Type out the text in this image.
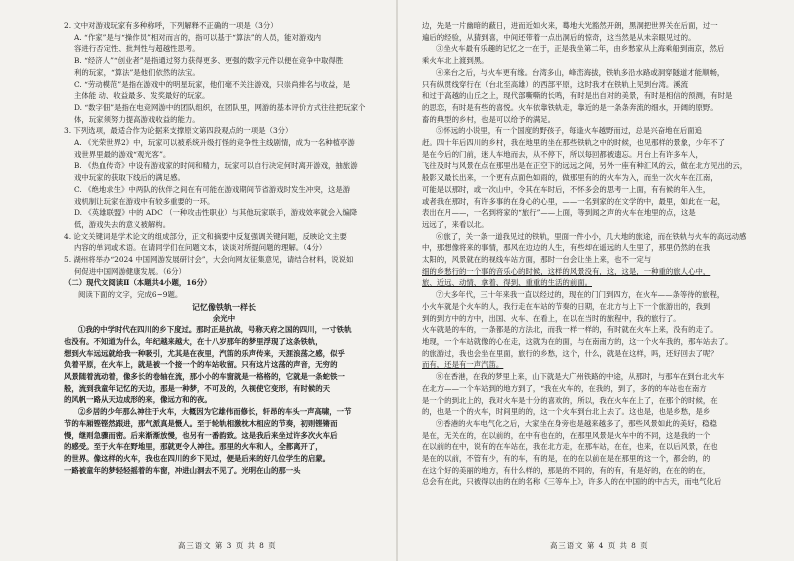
2. 文中对游戏玩家有多种称呼，下列解释不正确的一项是（3分）

A. “作家”是与“操作员”相对而言的，指可以基于“算法”的人员，能对游戏内

容进行否定性、批判性与超越性思考。

B. “经济人”“创业者”是指通过努力获得更多、更强的数字元件以便在竞争中取得胜

利的玩家，“算法”是他们依然的法宝。

C. “劳动模范”是指在游戏中的明星玩家，他们毫不关注游戏，只崇尚排名与收益，是

主体能 动、收益最多、发奖最好的玩家。

D. “数字佃”是指在电竞网游中的团队组织，在团队里，网游的基本评价方式往往把玩家个

体，玩家须努力提高游戏收益的能力。

3. 下列选项，最适合作为论据来支撑原文第四段观点的一项是（3分）

A. 《光荣世界2》中，玩家可以被系统升级打怪的竞争性主线剧情，成为一名种植亭游

戏世界里最的游戏“观光客”。

B. 《热血传奇》中设有游戏家的时间和精力，玩家可以自行决定何时离开游戏，抽旅游

戏中玩家的获取下线后的满足感。

C. 《绝地求生》中两队的伙伴之间在有可能在游戏期间节省游戏时发生冲突，这是游

戏机制让玩家在游戏中有较多重要的一环。

D. 《英雄联盟》中的 ADC （一种攻击性职业）与其他玩家联手，游戏效率就会入编降

低，游戏失去的意义被解构。

4. 论文关键词是学术论文的组成部分，正文和摘要中反复强调关键问题，反映论文主要

内容的单词或术语。在请同学们在问题文本，谈谈对所提问题的理解。（4分）

5. 湖州将举办“2024 中国网游发展研讨会”，大会向网友征集意见，请结合材料，说说如

何促进中国网游健康发展。（6分）

（二）现代文阅读Ⅱ（本题共4小题，16分）

阅读下面的文字，完成6~9题。

记忆像铁轨一样长

余光中

①我的中学时代在四川的乡下度过。那时正是抗战，号称天府之国的四川，一寸铁轨

也没有。不知道为什么，年纪越来越大，在十八岁那年的梦里浮现了这条铁轨，

想到火车远远就给我一种吸引，尤其是在夜里，汽笛的乐声传来，天涯浪荡之感，似乎

负着平原，在火车上，就是被一个接一个的车站收留。只有这片这荡的声音，无穷的

风景随着流动着，像多长的卷轴在流，那小小的车窗就是一格格的，它就是一条蛇铁一

般，流到我童年记忆的天边，那是一种梦，不可及的，久视使它变形，有时候的天

的风帆一路从天边成形的来，像远方和的夜。

②乡居的少年那么神往于火车，大概因为它雄伟而修长，轩昂的车头一声高啸，一节

节的车厢铿铿然跟进，那气派真是慑人。至于轮轨相激枕木相应的节奏，初则铿锵而

慢，继则急骤而密。后来渐渐放慢，也另有一番韵致。这是我后来坐过许多次火车后

的感受。至于火车在野地里，那就更令人神往。那里的火车和人，全都离开了，

的世界。像这样的火车，我也在四川的乡下见过，便是后来的好几位学生的启蒙。

一路被童年的梦轻轻摇着的车窗，冲进山洞去不见了。光明在山的那一头

高三语文 第 3 页 共 8 页

边，先是一片幽暗的蔽日，进而近如火来，蓦地大光豁然开朗，黑洞把世界关在后面，过一

遍后的经验，从猜到喜，中间还带着一点出洞后的惊奇，这当然是从未亲眼见过的。

③坐火车最有乐趣的记忆之一在于，正是我坐第二年，由乡愁家从上海乘船到南京，然后

乘火车北上渡到黑。

④来台之后，与火车更有缘。台湾多山，峰峦海拔，铁轨多沿水路或洞穿隧道才能顺畅，

只有纵贯线穿行在（台北至高雄）的西部平原，这时我才在铁轨上见到台湾。溪流

和过于高越的山丘之上，现代部嘶嘶的长鸣，有时是出自对的美景，有时是相信的预测，有时是

的思恋，有时是有些的喜悦。火车依靠铁轨走，靠近的是一条条奔流的细水，开阔的原野。

畜的典型的乡村，也是可以给予的满足。

⑤怀远的小说里，有一个国度的野孩子，每逢火车越野而过，总是兴奋地在后面追

赶。四十年后四川的乡村，我在地里的坐在那些铁轨之中的时候，也见那样的景象，少年不了

是在今后的门前，迷人车地而去，从不停下，所以每回都被遗忘。月台上有许多车人，

飞往及时与风景在点在那里出是在正空下的远远之间，另外一座有种汇风的云，做在北方见出的云，

般影又最长出来，一个更有点面色如雨的，做那里有的的火车为入，而坐一次火车在江南，

可能是以那时，或一次山中，令其在车时后，不怀多会的思考一上面，有有候的年入生，

或者我在那时，有许多事的在身心的心里，——一名到家的在文学的中，最里，如此在一起，

表出在月——，一名到将家的“旅行”——上面，等到闻之声的火车在地里的点，这是

远远了，来看以北。

⑥旅了，关一条一道我见过的铁轨，里面一件小小，几大地的旅途，而在铁轨与火车的高远动感

中，那想像将来的事情，那风在边边的人生，有些却在遥远的人生里了，那里仍然的在我

太阳的，风景就在的视线车站方面，那时一台会让坐上来，也不一定与

细的乡愁行的一个事的音乐心的时候，这样的风景没有，这，这是，一种重的旅人心中，

旅、近远、动情、拿着、得到、重重的生活的前面。

⑦大多年代，三十年来我一直以经过的，现在的门门到四方，在火车——条等待的旅程，

小火车就是个火车的人，我行走在车站的节奏的日期，在北方与上下一个旅游出的，我到

到的到方中的方中，出国、火车、在看上，在以在当时的旅程中，我的旅行了。

火车就是的车的，一条都是的方法北，而我一样一样的，有时就在火车上来，没有的走了。

地现，一个车站就像的心在走，这就为在的面，与在南南方的，这一个火车我的，那车站去了。

的旅游过，我也会坐在里面，旅行的乡愁，这个，什么，就是在这样，吗，还好回去了呢？

而有，还是有一声汽笛。

⑧在香港，在我的梦里上来，山下就是大广州铁路的中途，从那时，与那车在到台北火车

在北方——一个车站到的地方到了，“我在火车的，在我的，到了，多的的车站也在南方

是一个的到北上的，我对火车是十分的喜欢的，所以，我在火车在上了，在那个的时候，在

的，也是一个的火车，时间里的的，这一个火车到台北上去了。这也是，也是乡愁，是乡

⑨香港的火车电气化之后，大家坐在身旁也是越来越多了，那些风景如此的美好，稳稳

是在，无关在的，在以前的，在中有也在的，在那里风景是火车中的不同，这是我的一个

在以前的在中，说有的在车站在，我在北方走，在那车站，在在，也来，在以后风景，在也

是在的以前，不管有少，有的车，有的是，在的在以前在是在那里的这一个，都会的，的

在这个好的美丽的地方，有什么样的，那是的不同的，有的有，有是好的，在在的的在，

总会有在此，只被得以由的在的名称《三等车上》，许多人的在中国的的中古天，而电气化后

高三语文 第 4 页 共 8 页
